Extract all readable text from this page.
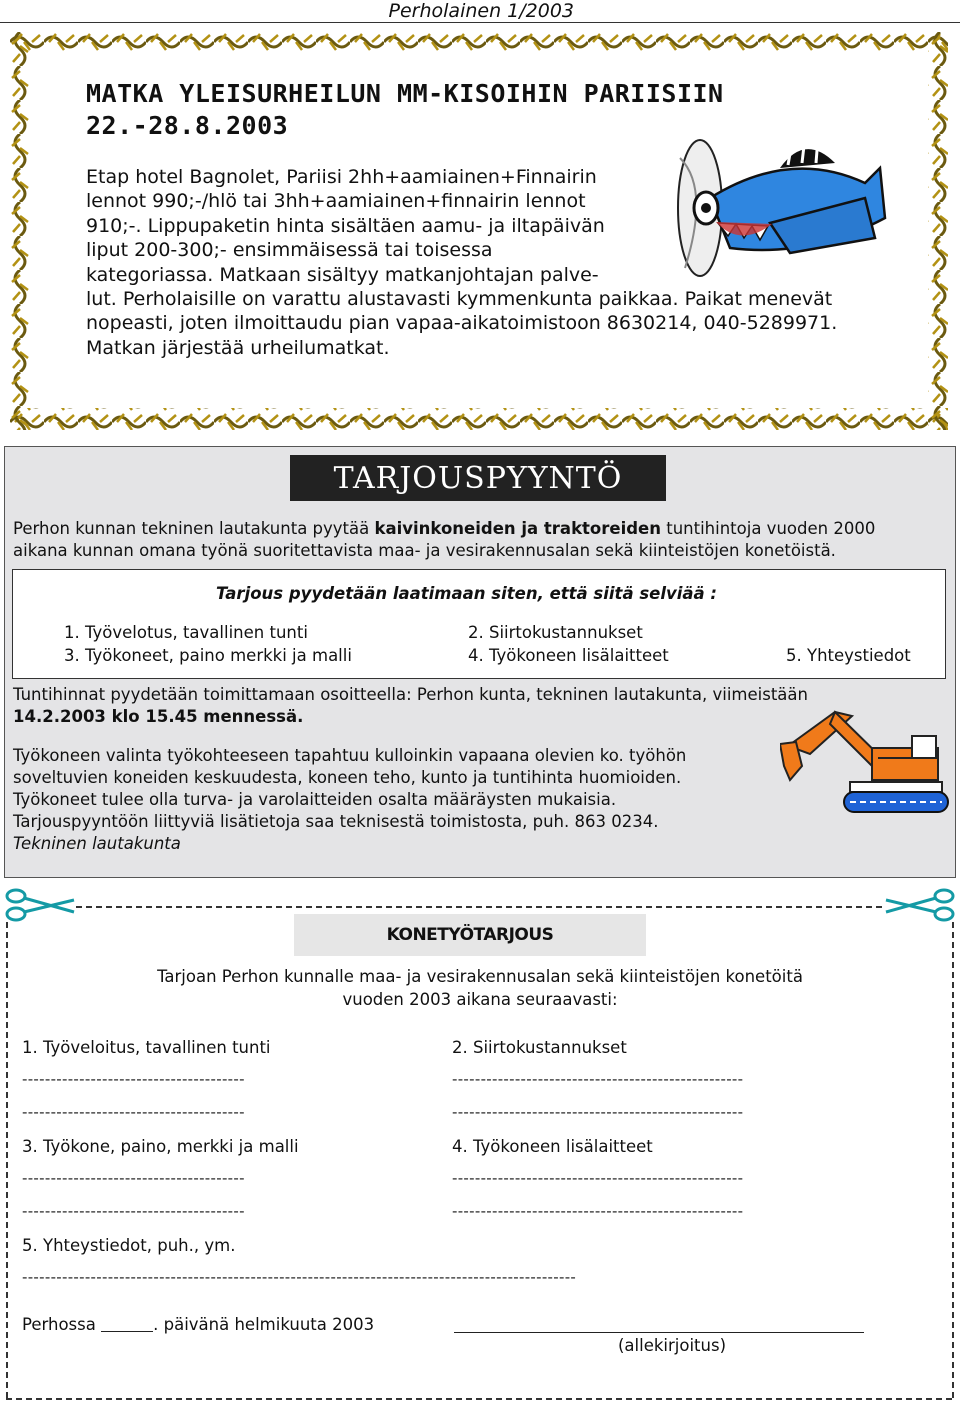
Perholainen 1/2003
MATKA YLEISURHEILUN MM-KISOIHIN PARIISIIN
22.-28.8.2003
Etap hotel Bagnolet, Pariisi 2hh+aamiainen+Finnairin
lennot 990;-/hlö tai 3hh+aamiainen+finnairin lennot
910;-. Lippupaketin hinta sisältäen aamu- ja iltapäivän
liput 200-300;- ensimmäisessä tai toisessa
kategoriassa. Matkaan sisältyy matkanjohtajan palve-
lut. Perholaisille on varattu alustavasti kymmenkunta paikkaa. Paikat menevät
nopeasti, joten ilmoittaudu pian vapaa-aikatoimistoon 8630214, 040-5289971.
Matkan järjestää urheilumatkat.
TARJOUSPYYNTÖ
Perhon kunnan tekninen lautakunta pyytää kaivinkoneiden ja traktoreiden tuntihintoja vuoden 2000
aikana kunnan omana työnä suoritettavista maa- ja vesirakennusalan sekä kiinteistöjen konetöistä.
Tarjous pyydetään laatimaan siten, että siitä selviää :
1. Työvelotus, tavallinen tunti	2. Siirtokustannukset
3. Työkoneet, paino merkki ja malli	4. Työkoneen lisälaitteet	5. Yhteystiedot
Tuntihinnat pyydetään toimittamaan osoitteella: Perhon kunta, tekninen lautakunta, viimeistään
14.2.2003 klo 15.45 mennessä.
Työkoneen valinta työkohteeseen tapahtuu kulloinkin vapaana olevien ko. työhön
soveltuvien koneiden keskuudesta, koneen teho, kunto ja tuntihinta huomioiden.
Työkoneet tulee olla turva- ja varolaitteiden osalta määräysten mukaisia.
Tarjouspyyntöön liittyviä lisätietoja saa teknisestä toimistosta, puh. 863 0234.
Tekninen lautakunta
KONETYÖTARJOUS
Tarjoan Perhon kunnalle maa- ja vesirakennusalan sekä kiinteistöjen konetöitä
vuoden 2003 aikana seuraavasti:
1. Työveloitus, tavallinen tunti	2. Siirtokustannukset
---------------------------------------	---------------------------------------------------
---------------------------------------	---------------------------------------------------
3. Työkone, paino, merkki ja malli	4. Työkoneen lisälaitteet
---------------------------------------	---------------------------------------------------
---------------------------------------	---------------------------------------------------
5. Yhteystiedot, puh., ym.
-------------------------------------------------------------------------------------------------
Perhossa	. päivänä helmikuuta 2003
(allekirjoitus)
